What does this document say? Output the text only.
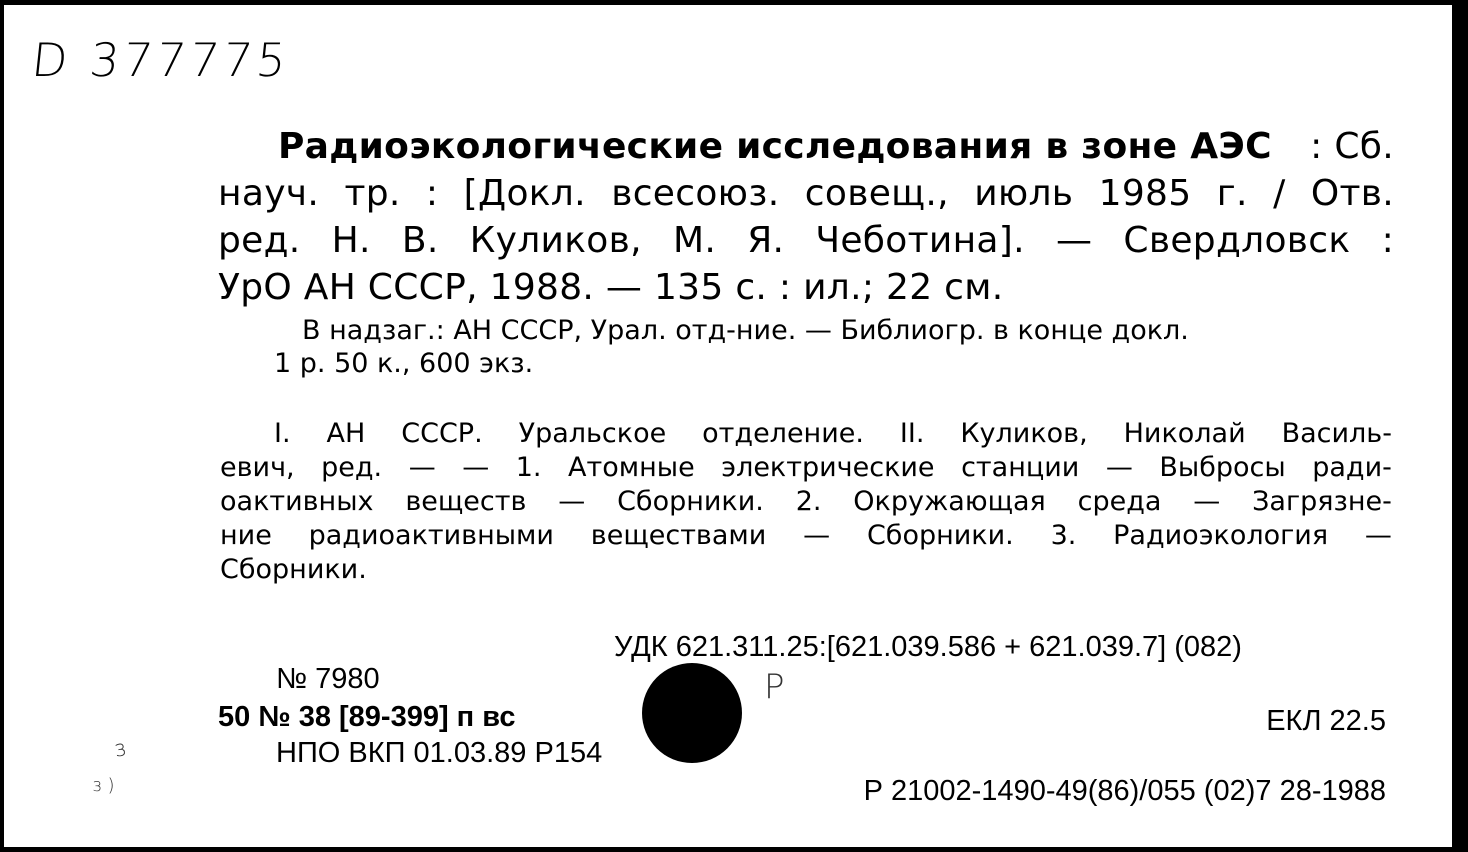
D 377775

Радиоэкологические исследования в зоне АЭС : Сб.

науч. тр. : [Докл. всесоюз. совещ., июль 1985 г. / Отв.

ред. Н. В. Куликов, М. Я. Чеботина]. — Свердловск :

УрО АН СССР, 1988. — 135 с. : ил.; 22 см.

В надзаг.: АН СССР, Урал. отд-ние. — Библиогр. в конце докл.
1 р. 50 к., 600 экз.

I. АН СССР. Уральское отделение. II. Куликов, Николай Василь-

евич, ред. — — 1. Атомные электрические станции — Выбросы ради-

оактивных веществ — Сборники. 2. Окружающая среда — Загрязне-

ние радиоактивными веществами — Сборники. 3. Радиоэкология —

Сборники.

УДК 621.311.25:[621.039.586 + 621.039.7] (082)
№ 7980
50 № 38 [89-399] п вс
НПО ВКП 01.03.89 Р154
ЕКЛ 22.5
Р 21002-1490-49(86)/055 (02)7 28-1988
Р
з
з )
